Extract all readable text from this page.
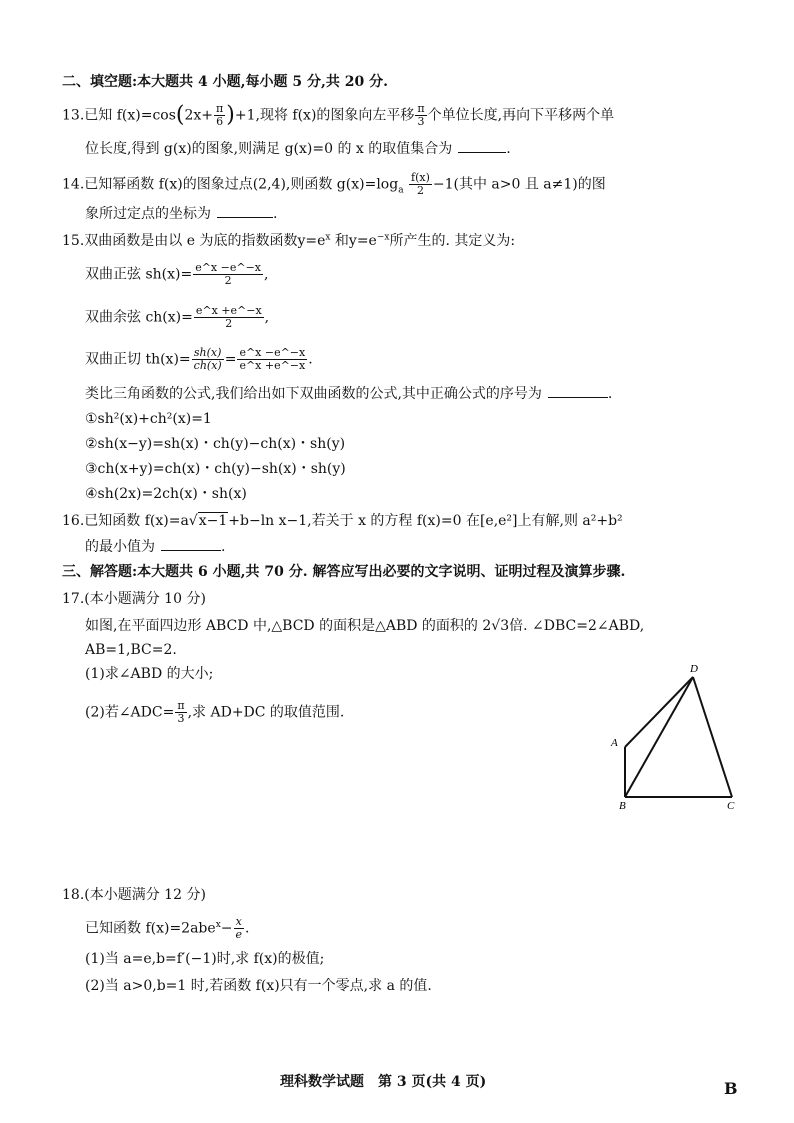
二、填空题:本大题共 4 小题,每小题 5 分,共 20 分.
13.已知 $f(x)=\cos(2x+ \frac{\pi}{6} )+1$,现将 f(x)的图象向左平移 $\frac{\pi}{3}$ 个单位长度,再向下平移两个单
位长度,得到 g(x)的图象,则满足 g(x)=0 的 x 的取值集合为	.
14.已知幂函数 f(x)的图象过点(2,4),则函数 $g(x)=\log_a \frac{f(x)}{2} -1$(其中 a>0 且 a≠1)的图
象所过定点的坐标为	.
15.双曲函数是由以 e 为底的指数函数$y=e^x$ 和$y=e^{-x}$所产生的. 其定义为:
双曲正弦 $sh(x)= \frac{e\^{}x -e\^{}-x}{2}$ ,
双曲余弦 $ch(x)= \frac{e\^{}x +e\^{}-x}{2}$ ,
双曲正切 $th(x)= \frac{sh(x)}{ch(x)} = \frac{e\^{}x -e\^{}-x}{e\^{}x +e\^{}-x}$ .
类比三角函数的公式,我们给出如下双曲函数的公式,其中正确公式的序号为	.
①sh²(x)+ch²(x)=1
②sh(x−y)=sh(x)・ch(y)−ch(x)・sh(y)
③ch(x+y)=ch(x)・ch(y)−sh(x)・sh(y)
④sh(2x)=2ch(x)・sh(x)
16.已知函数 f(x)=a√x−1+b−ln x−1,若关于 x 的方程 f(x)=0 在[e,e²]上有解,则 a²+b²
的最小值为	.
三、解答题:本大题共 6 小题,共 70 分. 解答应写出必要的文字说明、证明过程及演算步骤.
17.(本小题满分 10 分)
如图,在平面四边形 ABCD 中,△BCD 的面积是△ABD 的面积的 2√3倍. ∠DBC=2∠ABD,
AB=1,BC=2.
(1)求∠ABD 的大小;
(2)若∠ADC= $\frac{\pi}{3}$ ,求 AD+DC 的取值范围.
D
A
B	C
18.(本小题满分 12 分)
已知函数 $f(x)=2abe^x- \frac{x}{e}$ .
(1)当 a=e,b=f′(−1)时,求 f(x)的极值;
(2)当 a>0,b=1 时,若函数 f(x)只有一个零点,求 a 的值.
理科数学试题　第 3 页(共 4 页)	B
